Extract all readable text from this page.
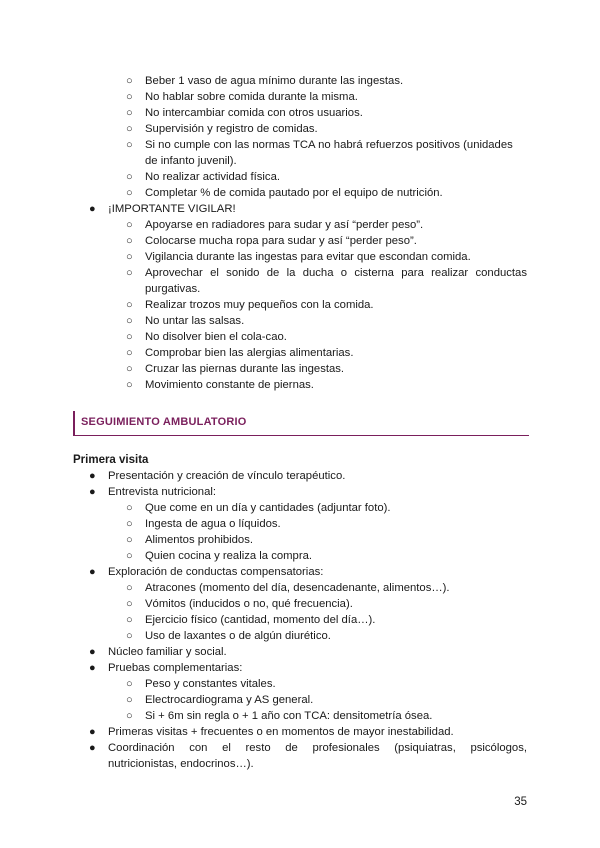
○ Beber 1 vaso de agua mínimo durante las ingestas.
○ No hablar sobre comida durante la misma.
○ No intercambiar comida con otros usuarios.
○ Supervisión y registro de comidas.
○ Si no cumple con las normas TCA no habrá refuerzos positivos (unidades
de infanto juvenil).
○ No realizar actividad física.
○ Completar % de comida pautado por el equipo de nutrición.
● ¡IMPORTANTE VIGILAR!
○ Apoyarse en radiadores para sudar y así “perder peso”.
○ Colocarse mucha ropa para sudar y así “perder peso”.
○ Vigilancia durante las ingestas para evitar que escondan comida.
○ Aprovechar el sonido de la ducha o cisterna para realizar conductas
purgativas.
○ Realizar trozos muy pequeños con la comida.
○ No untar las salsas.
○ No disolver bien el cola-cao.
○ Comprobar bien las alergias alimentarias.
○ Cruzar las piernas durante las ingestas.
○ Movimiento constante de piernas.
SEGUIMIENTO AMBULATORIO
Primera visita
● Presentación y creación de vínculo terapéutico.
● Entrevista nutricional:
○ Que come en un día y cantidades (adjuntar foto).
○ Ingesta de agua o líquidos.
○ Alimentos prohibidos.
○ Quien cocina y realiza la compra.
● Exploración de conductas compensatorias:
○ Atracones (momento del día, desencadenante, alimentos…).
○ Vómitos (inducidos o no, qué frecuencia).
○ Ejercicio físico (cantidad, momento del día…).
○ Uso de laxantes o de algún diurético.
● Núcleo familiar y social.
● Pruebas complementarias:
○ Peso y constantes vitales.
○ Electrocardiograma y AS general.
○ Si + 6m sin regla o + 1 año con TCA: densitometría ósea.
● Primeras visitas + frecuentes o en momentos de mayor inestabilidad.
● Coordinación con el resto de profesionales (psiquiatras, psicólogos,
nutricionistas, endocrinos…).
35
